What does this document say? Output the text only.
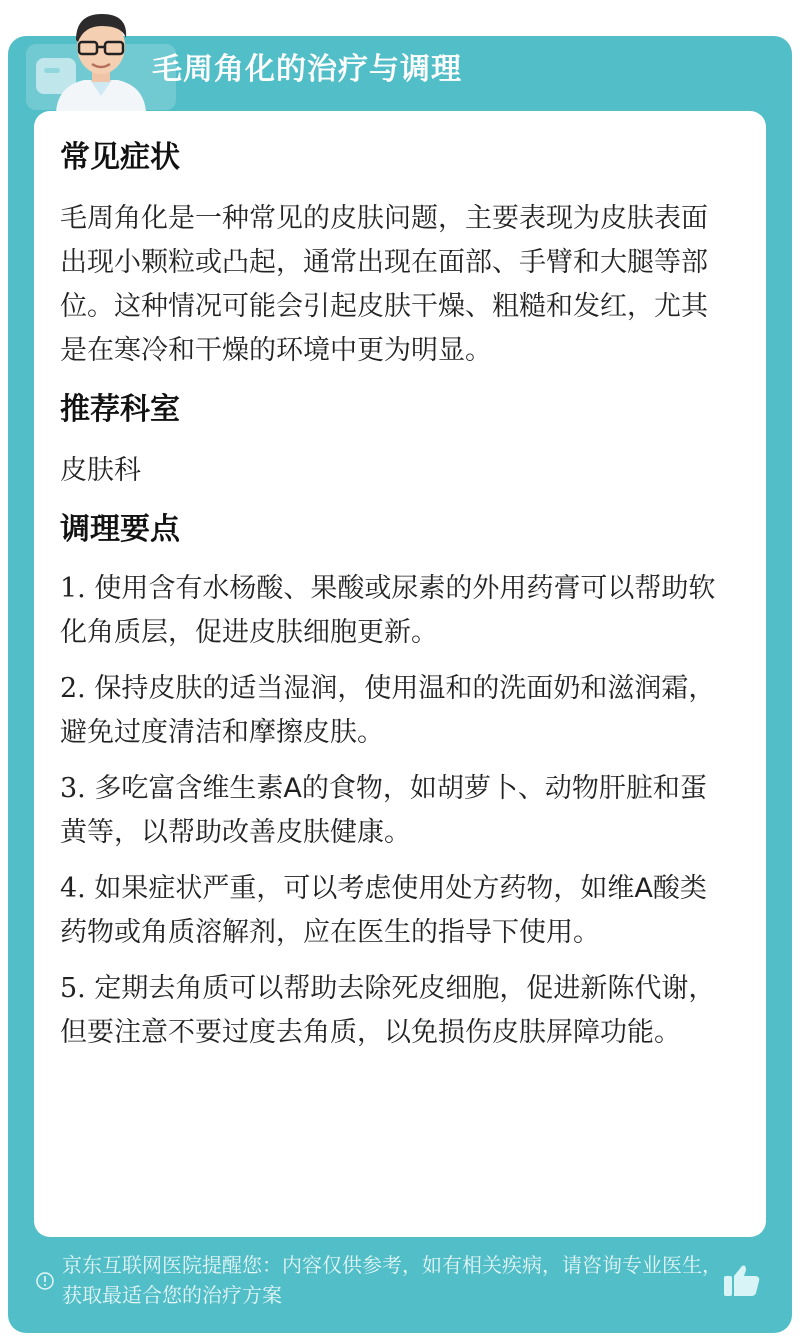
毛周角化的治疗与调理
常见症状

毛周角化是一种常见的皮肤问题，主要表现为皮肤表面出现小颗粒或凸起，通常出现在面部、手臂和大腿等部位。这种情况可能会引起皮肤干燥、粗糙和发红，尤其是在寒冷和干燥的环境中更为明显。

推荐科室

皮肤科

调理要点

1. 使用含有水杨酸、果酸或尿素的外用药膏可以帮助软化角质层，促进皮肤细胞更新。

2. 保持皮肤的适当湿润，使用温和的洗面奶和滋润霜，避免过度清洁和摩擦皮肤。

3. 多吃富含维生素A的食物，如胡萝卜、动物肝脏和蛋黄等，以帮助改善皮肤健康。

4. 如果症状严重，可以考虑使用处方药物，如维A酸类药物或角质溶解剂，应在医生的指导下使用。

5. 定期去角质可以帮助去除死皮细胞，促进新陈代谢，但要注意不要过度去角质，以免损伤皮肤屏障功能。

京东互联网医院提醒您：内容仅供参考，如有相关疾病，请咨询专业医生，获取最适合您的治疗方案
